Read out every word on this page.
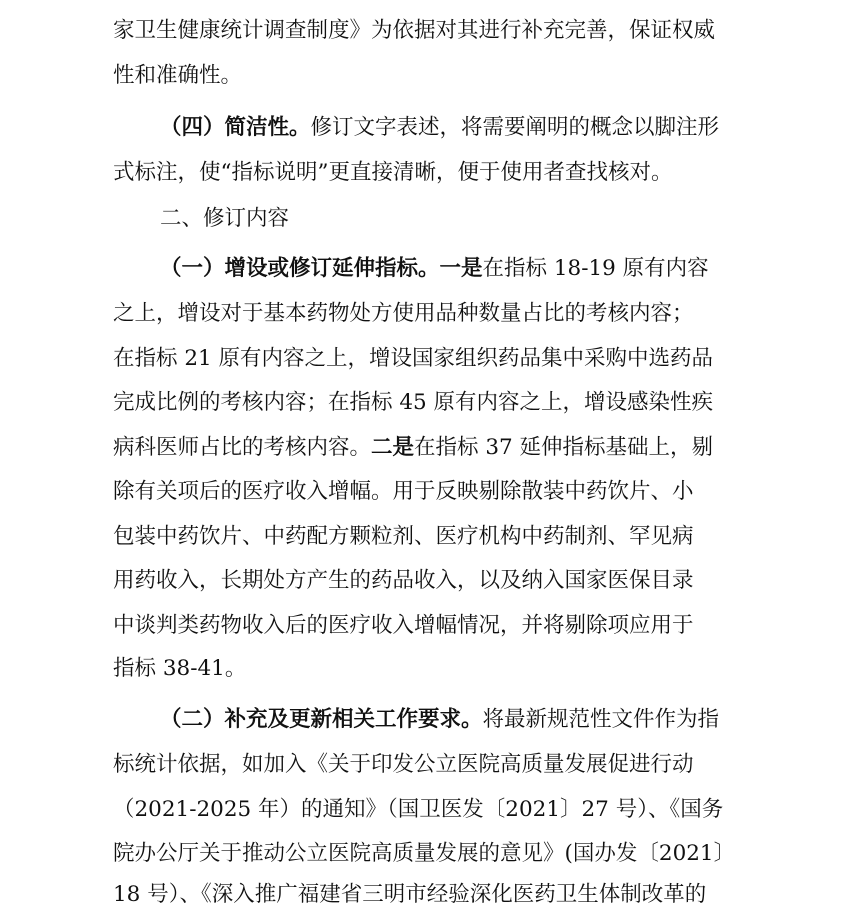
家卫生健康统计调查制度》为依据对其进行补充完善，保证权威
性和准确性。
（四）简洁性。修订文字表述，将需要阐明的概念以脚注形
式标注，使“指标说明”更直接清晰，便于使用者查找核对。
二、修订内容
（一）增设或修订延伸指标。一是在指标 18-19 原有内容
之上，增设对于基本药物处方使用品种数量占比的考核内容；
在指标 21 原有内容之上，增设国家组织药品集中采购中选药品
完成比例的考核内容；在指标 45 原有内容之上，增设感染性疾
病科医师占比的考核内容。二是在指标 37 延伸指标基础上，剔
除有关项后的医疗收入增幅。用于反映剔除散装中药饮片、小
包装中药饮片、中药配方颗粒剂、医疗机构中药制剂、罕见病
用药收入，长期处方产生的药品收入，以及纳入国家医保目录
中谈判类药物收入后的医疗收入增幅情况，并将剔除项应用于
指标 38-41。
（二）补充及更新相关工作要求。将最新规范性文件作为指
标统计依据，如加入《关于印发公立医院高质量发展促进行动
（2021-2025 年）的通知》（国卫医发〔2021〕27 号）、《国务
院办公厅关于推动公立医院高质量发展的意见》(国办发〔2021〕
18 号）、《深入推广福建省三明市经验深化医药卫生体制改革的
